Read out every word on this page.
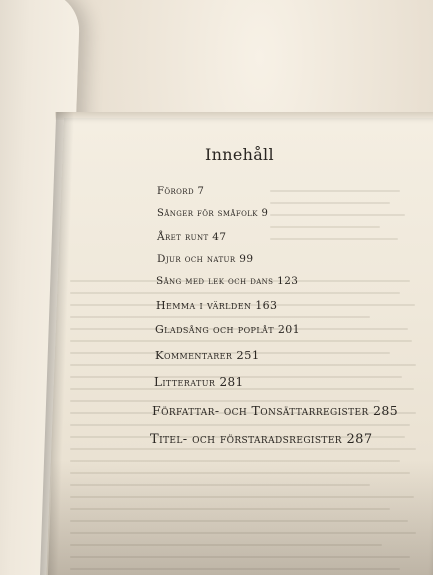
Innehåll
Förord 7
Sånger för småfolk 9
Året runt 47
Djur och natur 99
Sång med lek och dans 123
Hemma i världen 163
Gladsång och poplåt 201
Kommentarer 251
Litteratur 281
Författar- och Tonsättarregister 285
Titel- och förstaradsregister 287
